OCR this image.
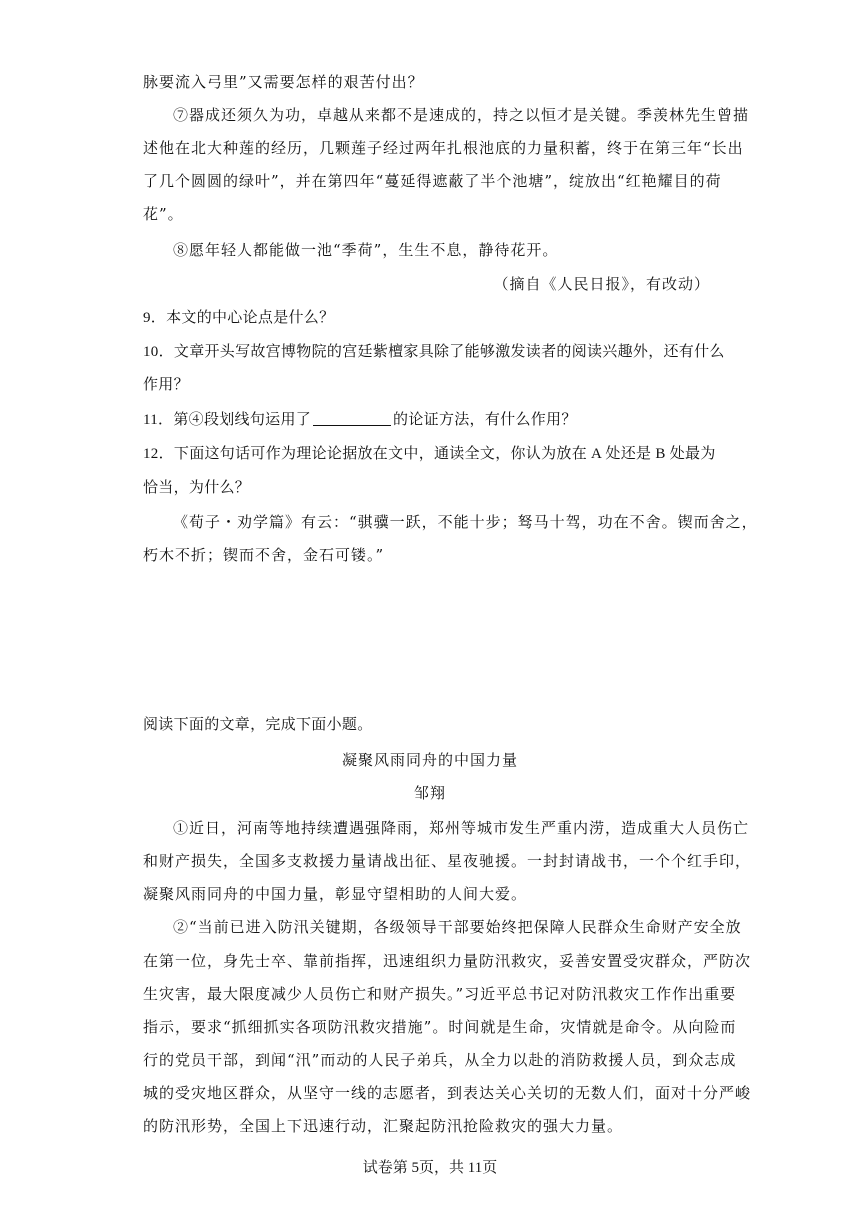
脉要流入弓里”又需要怎样的艰苦付出？
⑦器成还须久为功，卓越从来都不是速成的，持之以恒才是关键。季羡林先生曾描
述他在北大种莲的经历，几颗莲子经过两年扎根池底的力量积蓄，终于在第三年“长出
了几个圆圆的绿叶”，并在第四年“蔓延得遮蔽了半个池塘”，绽放出“红艳耀目的荷
花”。
⑧愿年轻人都能做一池“季荷”，生生不息，静待花开。
（摘自《人民日报》，有改动）
9．本文的中心论点是什么？
10．文章开头写故宫博物院的宫廷紫檀家具除了能够激发读者的阅读兴趣外，还有什么
作用？
11．第④段划线句运用了	的论证方法，有什么作用？
12．下面这句话可作为理论论据放在文中，通读全文，你认为放在 A 处还是 B 处最为
恰当，为什么？
《荀子・劝学篇》有云：“骐骥一跃，不能十步；驽马十驾，功在不舍。锲而舍之，
朽木不折；锲而不舍，金石可镂。”
阅读下面的文章，完成下面小题。
凝聚风雨同舟的中国力量
邹翔
①近日，河南等地持续遭遇强降雨，郑州等城市发生严重内涝，造成重大人员伤亡
和财产损失，全国多支救援力量请战出征、星夜驰援。一封封请战书，一个个红手印，
凝聚风雨同舟的中国力量，彰显守望相助的人间大爱。
②“当前已进入防汛关键期，各级领导干部要始终把保障人民群众生命财产安全放
在第一位，身先士卒、靠前指挥，迅速组织力量防汛救灾，妥善安置受灾群众，严防次
生灾害，最大限度减少人员伤亡和财产损失。”习近平总书记对防汛救灾工作作出重要
指示，要求“抓细抓实各项防汛救灾措施”。时间就是生命，灾情就是命令。从向险而
行的党员干部，到闻“汛”而动的人民子弟兵，从全力以赴的消防救援人员，到众志成
城的受灾地区群众，从坚守一线的志愿者，到表达关心关切的无数人们，面对十分严峻
的防汛形势，全国上下迅速行动，汇聚起防汛抢险救灾的强大力量。
试卷第 5页，共 11页
